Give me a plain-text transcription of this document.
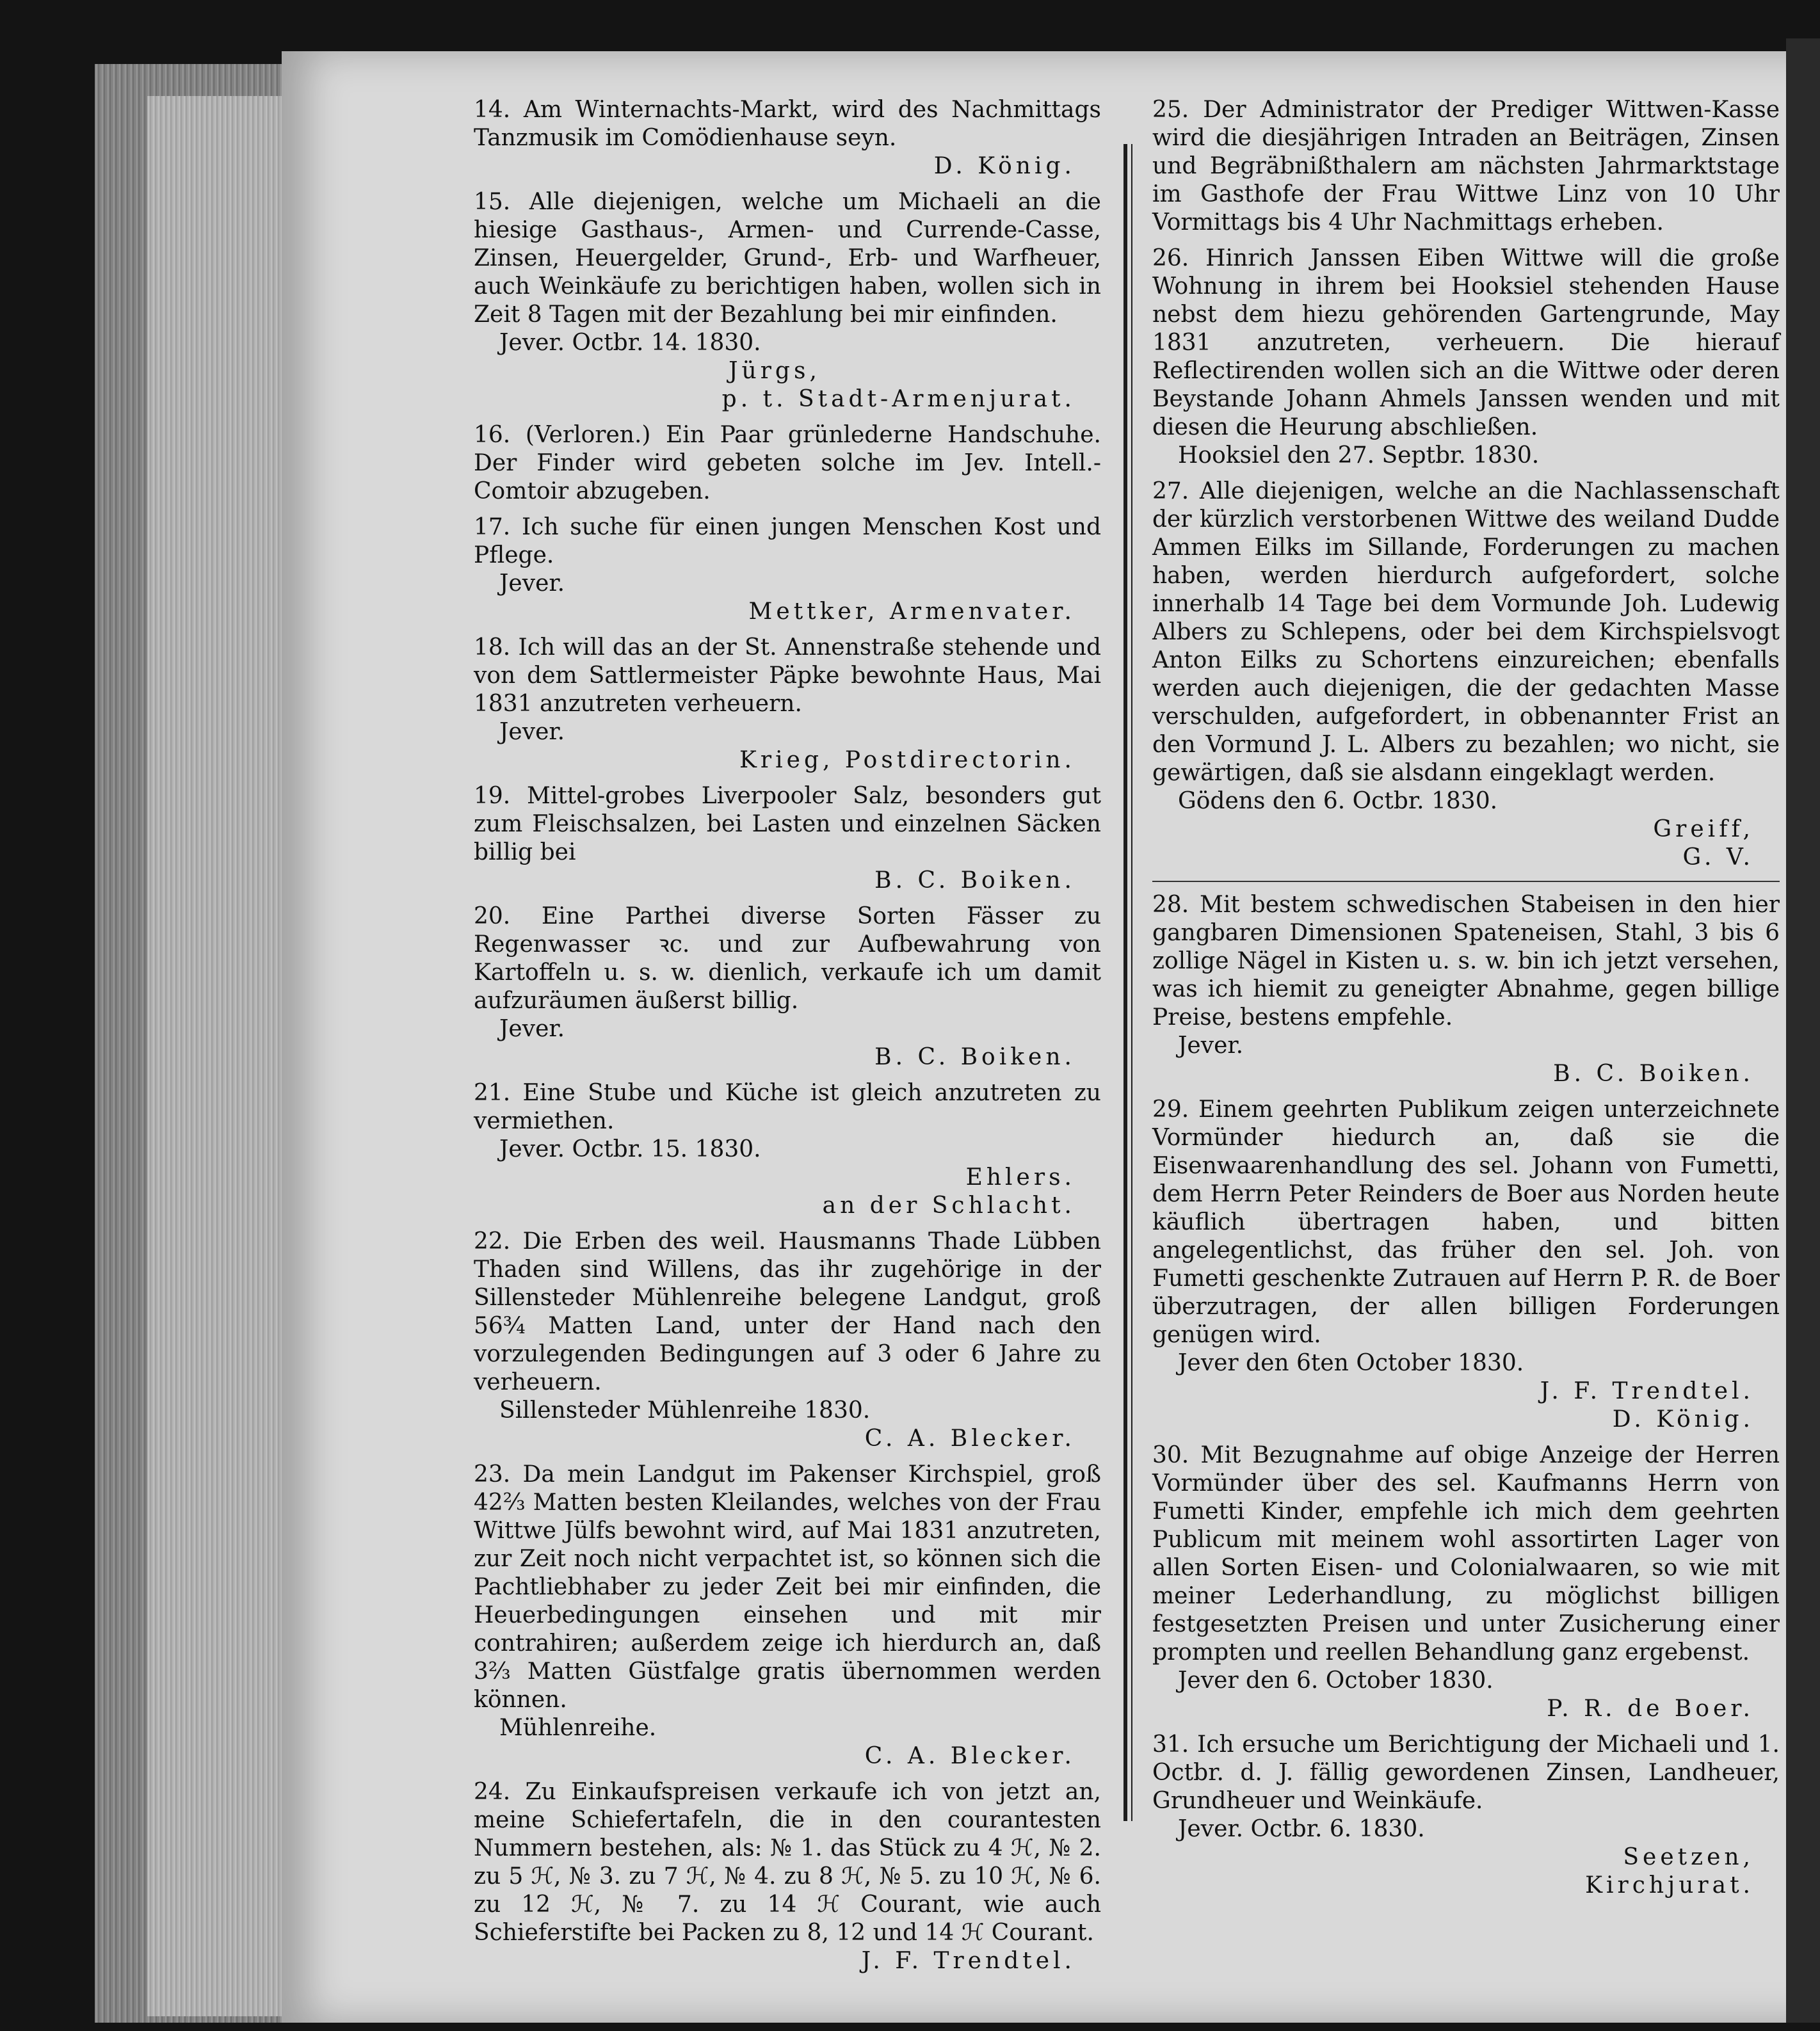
14. Am Winternachts-Markt, wird des Nachmittags Tanzmusik im Comödienhause seyn.
D. König.
15. Alle diejenigen, welche um Michaeli an die hiesige Gasthaus-, Armen- und Currende-Casse, Zinsen, Heuergelder, Grund-, Erb- und Warfheuer, auch Weinkäufe zu berichtigen haben, wollen sich in Zeit 8 Tagen mit der Bezahlung bei mir einfinden.
Jever. Octbr. 14. 1830.
Jürgs,
p. t. Stadt-Armenjurat.
16. (Verloren.) Ein Paar grünlederne Handschuhe. Der Finder wird gebeten solche im Jev. Intell.-Comtoir abzugeben.
17. Ich suche für einen jungen Menschen Kost und Pflege.
Jever.
Mettker, Armenvater.
18. Ich will das an der St. Annenstraße stehende und von dem Sattlermeister Päpke bewohnte Haus, Mai 1831 anzutreten verheuern.
Jever.
Krieg, Postdirectorin.
19. Mittel-grobes Liverpooler Salz, besonders gut zum Fleischsalzen, bei Lasten und einzelnen Säcken billig bei
B. C. Boiken.
20. Eine Parthei diverse Sorten Fässer zu Regenwasser ꝛc. und zur Aufbewahrung von Kartoffeln u. s. w. dienlich, verkaufe ich um damit aufzuräumen äußerst billig.
Jever.
B. C. Boiken.
21. Eine Stube und Küche ist gleich anzutreten zu vermiethen.
Jever. Octbr. 15. 1830.
Ehlers.
an der Schlacht.
22. Die Erben des weil. Hausmanns Thade Lübben Thaden sind Willens, das ihr zugehörige in der Sillensteder Mühlenreihe belegene Landgut, groß 56¾ Matten Land, unter der Hand nach den vorzulegenden Bedingungen auf 3 oder 6 Jahre zu verheuern.
Sillensteder Mühlenreihe 1830.
C. A. Blecker.
23. Da mein Landgut im Pakenser Kirchspiel, groß 42⅔ Matten besten Kleilandes, welches von der Frau Wittwe Jülfs bewohnt wird, auf Mai 1831 anzutreten, zur Zeit noch nicht verpachtet ist, so können sich die Pachtliebhaber zu jeder Zeit bei mir einfinden, die Heuerbedingungen einsehen und mit mir contrahiren; außerdem zeige ich hierdurch an, daß 3⅔ Matten Güstfalge gratis übernommen werden können.
Mühlenreihe.
C. A. Blecker.
24. Zu Einkaufspreisen verkaufe ich von jetzt an, meine Schiefertafeln, die in den courantesten Nummern bestehen, als: № 1. das Stück zu 4 ℋ, № 2. zu 5 ℋ, № 3. zu 7 ℋ, № 4. zu 8 ℋ, № 5. zu 10 ℋ, № 6. zu 12 ℋ, № 7. zu 14 ℋ Courant, wie auch Schieferstifte bei Packen zu 8, 12 und 14 ℋ Courant.
J. F. Trendtel.
25. Der Administrator der Prediger Wittwen-Kasse wird die diesjährigen Intraden an Beiträgen, Zinsen und Begräbnißthalern am nächsten Jahrmarktstage im Gasthofe der Frau Wittwe Linz von 10 Uhr Vormittags bis 4 Uhr Nachmittags erheben.
26. Hinrich Janssen Eiben Wittwe will die große Wohnung in ihrem bei Hooksiel stehenden Hause nebst dem hiezu gehörenden Gartengrunde, May 1831 anzutreten, verheuern. Die hierauf Reflectirenden wollen sich an die Wittwe oder deren Beystande Johann Ahmels Janssen wenden und mit diesen die Heurung abschließen.
Hooksiel den 27. Septbr. 1830.
27. Alle diejenigen, welche an die Nachlassenschaft der kürzlich verstorbenen Wittwe des weiland Dudde Ammen Eilks im Sillande, Forderungen zu machen haben, werden hierdurch aufgefordert, solche innerhalb 14 Tage bei dem Vormunde Joh. Ludewig Albers zu Schlepens, oder bei dem Kirchspielsvogt Anton Eilks zu Schortens einzureichen; ebenfalls werden auch diejenigen, die der gedachten Masse verschulden, aufgefordert, in obbenannter Frist an den Vormund J. L. Albers zu bezahlen; wo nicht, sie gewärtigen, daß sie alsdann eingeklagt werden.
Gödens den 6. Octbr. 1830.
Greiff,
G. V.
28. Mit bestem schwedischen Stabeisen in den hier gangbaren Dimensionen Spateneisen, Stahl, 3 bis 6 zollige Nägel in Kisten u. s. w. bin ich jetzt versehen, was ich hiemit zu geneigter Abnahme, gegen billige Preise, bestens empfehle.
Jever.
B. C. Boiken.
29. Einem geehrten Publikum zeigen unterzeichnete Vormünder hiedurch an, daß sie die Eisenwaarenhandlung des sel. Johann von Fumetti, dem Herrn Peter Reinders de Boer aus Norden heute käuflich übertragen haben, und bitten angelegentlichst, das früher den sel. Joh. von Fumetti geschenkte Zutrauen auf Herrn P. R. de Boer überzutragen, der allen billigen Forderungen genügen wird.
Jever den 6ten October 1830.
J. F. Trendtel.
D. König.
30. Mit Bezugnahme auf obige Anzeige der Herren Vormünder über des sel. Kaufmanns Herrn von Fumetti Kinder, empfehle ich mich dem geehrten Publicum mit meinem wohl assortirten Lager von allen Sorten Eisen- und Colonialwaaren, so wie mit meiner Lederhandlung, zu möglichst billigen festgesetzten Preisen und unter Zusicherung einer prompten und reellen Behandlung ganz ergebenst.
Jever den 6. October 1830.
P. R. de Boer.
31. Ich ersuche um Berichtigung der Michaeli und 1. Octbr. d. J. fällig gewordenen Zinsen, Landheuer, Grundheuer und Weinkäufe.
Jever. Octbr. 6. 1830.
Seetzen,
Kirchjurat.
